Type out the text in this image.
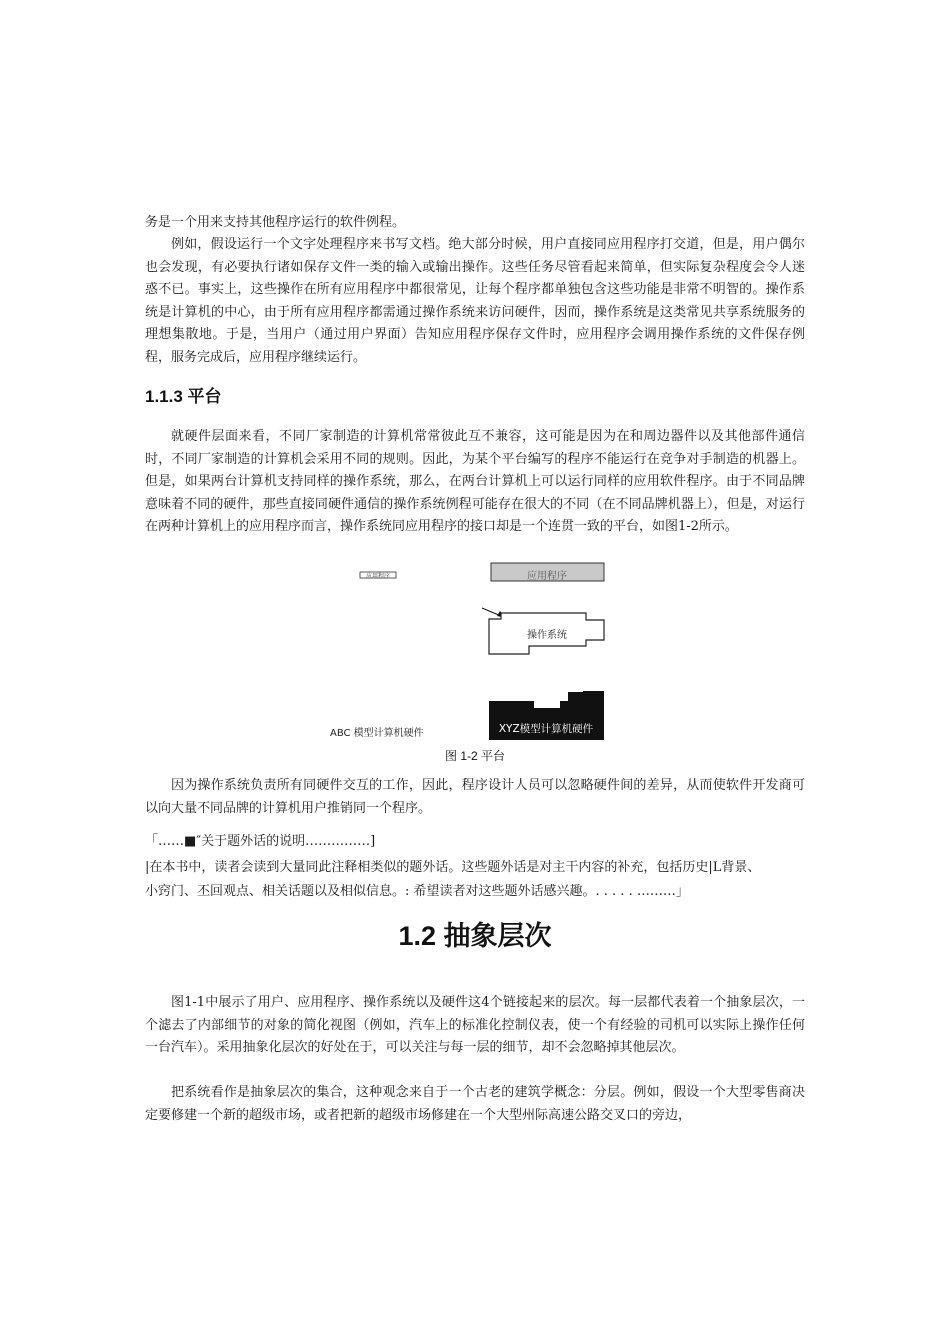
务是一个用来支持其他程序运行的软件例程。

例如，假设运行一个文字处理程序来书写文档。绝大部分时候，用户直接同应用程序打交道，但是，用户偶尔也会发现，有必要执行诸如保存文件一类的输入或输出操作。这些任务尽管看起来简单，但实际复杂程度会令人迷惑不已。事实上，这些操作在所有应用程序中都很常见，让每个程序都单独包含这些功能是非常不明智的。操作系统是计算机的中心，由于所有应用程序都需通过操作系统来访问硬件，因而，操作系统是这类常见共享系统服务的理想集散地。于是，当用户（通过用户界面）告知应用程序保存文件时，应用程序会调用操作系统的文件保存例程，服务完成后，应用程序继续运行。

1.1.3 平台

就硬件层面来看，不同厂家制造的计算机常常彼此互不兼容，这可能是因为在和周边器件以及其他部件通信时，不同厂家制造的计算机会采用不同的规则。因此，为某个平台编写的程序不能运行在竞争对手制造的机器上。但是，如果两台计算机支持同样的操作系统，那么，在两台计算机上可以运行同样的应用软件程序。由于不同品牌意味着不同的硬件，那些直接同硬件通信的操作系统例程可能存在很大的不同（在不同品牌机器上），但是，对运行在两种计算机上的应用程序而言，操作系统同应用程序的接口却是一个连贯一致的平台，如图1-2所示。

应用程序	应用程序
操作系统
ABC 模型计算机硬件	XYZ模型计算机硬件
图 1-2 平台

因为操作系统负责所有同硬件交互的工作，因此，程序设计人员可以忽略硬件间的差异，从而使软件开发商可以向大量不同品牌的计算机用户推销同一个程序。

「……■″关于题外话的说明……………]
|在本书中，读者会读到大量同此注释相类似的题外话。这些题外话是对主干内容的补充，包括历史|L背景、
小窍门、丕回观点、相关话题以及相似信息。: 希望读者对这些题外话感兴趣。. . . . . ………」
1.2 抽象层次

图1-1中展示了用户、应用程序、操作系统以及硬件这4个链接起来的层次。每一层都代表着一个抽象层次，一个滤去了内部细节的对象的简化视图（例如，汽车上的标准化控制仪表，使一个有经验的司机可以实际上操作任何一台汽车）。采用抽象化层次的好处在于，可以关注与每一层的细节，却不会忽略掉其他层次。

把系统看作是抽象层次的集合，这种观念来自于一个古老的建筑学概念：分层。例如，假设一个大型零售商决定要修建一个新的超级市场，或者把新的超级市场修建在一个大型州际高速公路交叉口的旁边，
